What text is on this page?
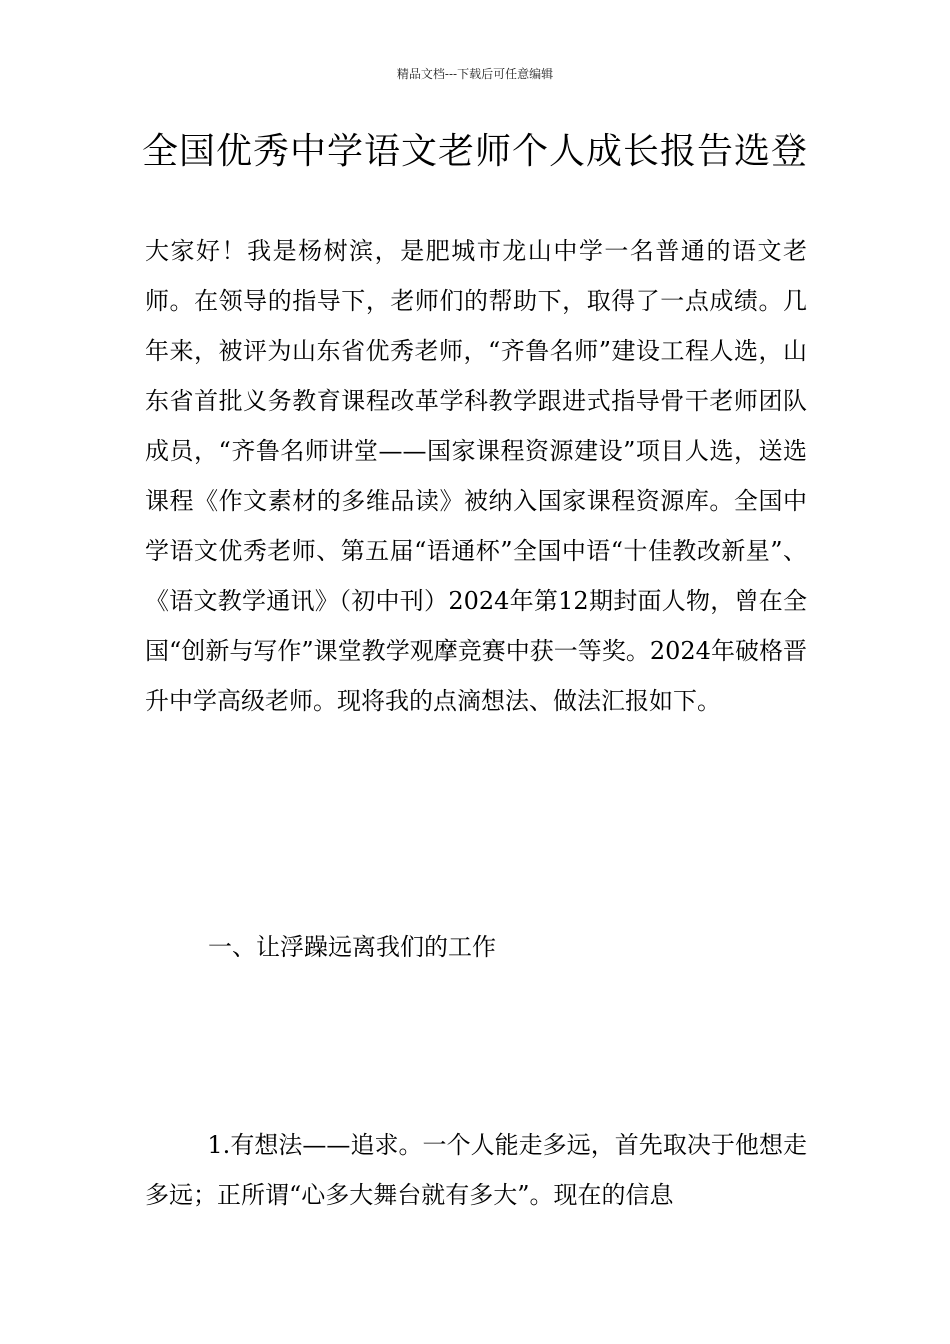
精品文档---下载后可任意编辑
全国优秀中学语文老师个人成长报告选登

大家好！我是杨树滨，是肥城市龙山中学一名普通的语文老师。在领导的指导下，老师们的帮助下，取得了一点成绩。几年来，被评为山东省优秀老师，“齐鲁名师”建设工程人选，山东省首批义务教育课程改革学科教学跟进式指导骨干老师团队成员，“齐鲁名师讲堂——国家课程资源建设”项目人选，送选课程《作文素材的多维品读》被纳入国家课程资源库。全国中学语文优秀老师、第五届“语通杯”全国中语“十佳教改新星”、《语文教学通讯》（初中刊）2024年第12期封面人物，曾在全国“创新与写作”课堂教学观摩竞赛中获一等奖。2024年破格晋升中学高级老师。现将我的点滴想法、做法汇报如下。

一、让浮躁远离我们的工作

1.有想法——追求。一个人能走多远，首先取决于他想走多远；正所谓“心多大舞台就有多大”。现在的信息
